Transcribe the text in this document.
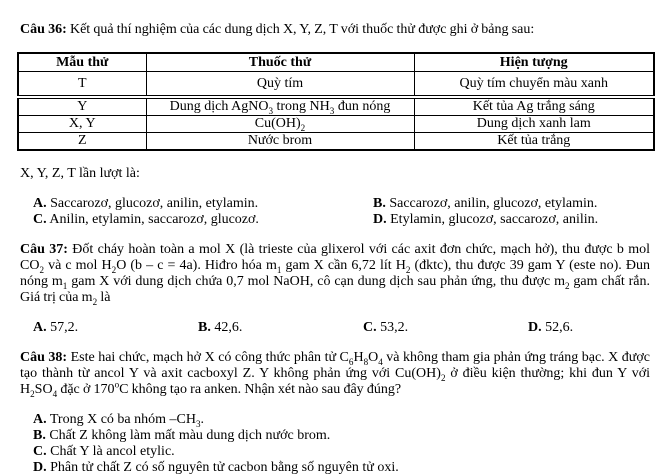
Câu 36: Kết quả thí nghiệm của các dung dịch X, Y, Z, T với thuốc thử được ghi ở bảng sau:

Mẫu thử	Thuốc thử	Hiện tượng
T	Quỳ tím	Quỳ tím chuyển màu xanh
Y	Dung dịch AgNO$_3$ trong $NH_3$ đun nóng	Kết tủa Ag trắng sáng
X, Y	$Cu(OH)_2$	Dung dịch xanh lam
Z	Nước brom	Kết tủa trắng

X, Y, Z, T lần lượt là:

A. Saccarozơ, glucozơ, anilin, etylamin.	B. Saccarozơ, anilin, glucozơ, etylamin.
C. Anilin, etylamin, saccarozơ, glucozơ.	D. Etylamin, glucozơ, saccarozơ, anilin.

Câu 37: Đốt cháy hoàn toàn a mol X (là trieste của glixerol với các axit đơn chức, mạch hở), thu được b mol $CO_2$ và c mol $H_2O$ (b – c = 4a). Hiđro hóa $m_1$ gam X cần 6,72 lít $H_2$ (đktc), thu được 39 gam Y (este no). Đun nóng $m_1$ gam X với dung dịch chứa 0,7 mol NaOH, cô cạn dung dịch sau phản ứng, thu được $m_2$ gam chất rắn. Giá trị của $m_2$ là

A. 57,2.	B. 42,6.	C. 53,2.	D. 52,6.

Câu 38: Este hai chức, mạch hở X có công thức phân tử $C_6H_8O_4$ và không tham gia phản ứng tráng bạc. X được tạo thành từ ancol Y và axit cacboxyl Z. Y không phản ứng với $Cu(OH)_2$ ở điều kiện thường; khi đun Y với $H_2SO_4$ đặc ở 170$^o$C không tạo ra anken. Nhận xét nào sau đây đúng?

A. Trong X có ba nhóm $-CH_3$.
B. Chất Z không làm mất màu dung dịch nước brom.
C. Chất Y là ancol etylic.
D. Phân tử chất Z có số nguyên tử cacbon bằng số nguyên tử oxi.
